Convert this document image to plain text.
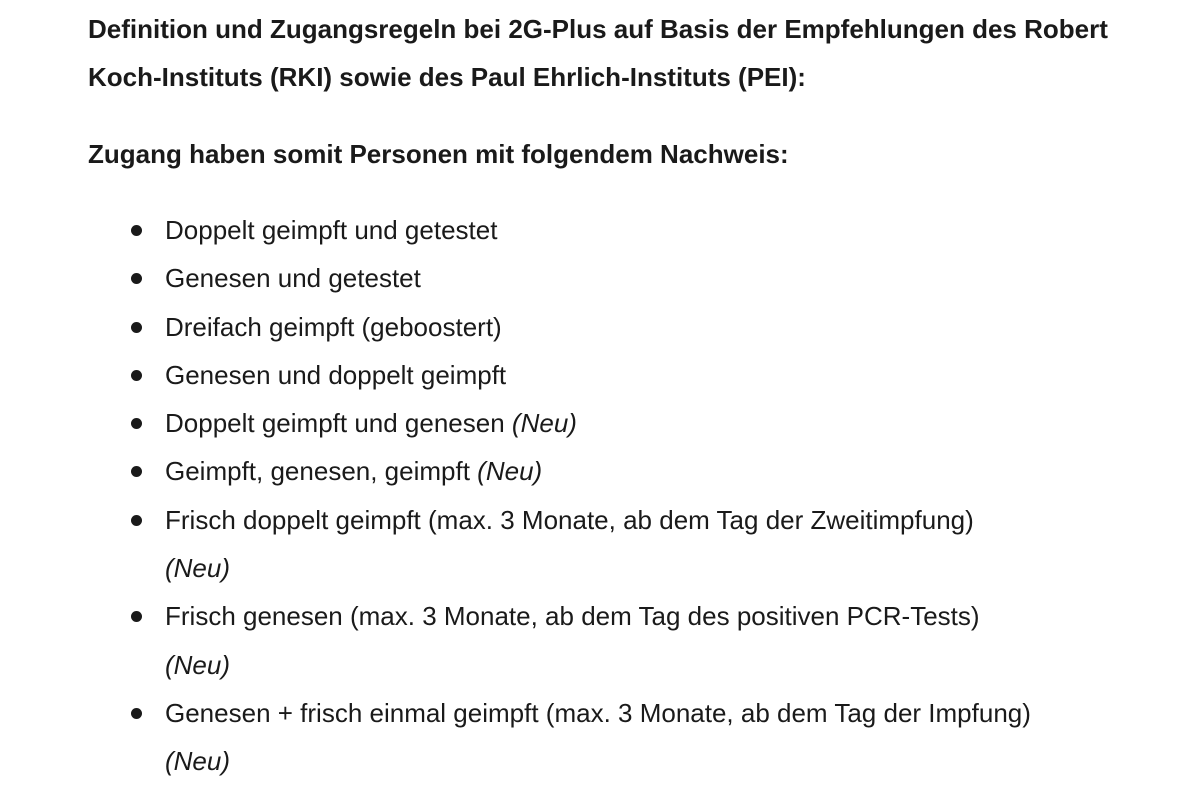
Definition und Zugangsregeln bei 2G-Plus auf Basis der Empfehlungen des Robert Koch-Instituts (RKI) sowie des Paul Ehrlich-Instituts (PEI):
Zugang haben somit Personen mit folgendem Nachweis:
Doppelt geimpft und getestet
Genesen und getestet
Dreifach geimpft (geboostert)
Genesen und doppelt geimpft
Doppelt geimpft und genesen (Neu)
Geimpft, genesen, geimpft (Neu)
Frisch doppelt geimpft (max. 3 Monate, ab dem Tag der Zweitimpfung) (Neu)
Frisch genesen (max. 3 Monate, ab dem Tag des positiven PCR-Tests) (Neu)
Genesen + frisch einmal geimpft (max. 3 Monate, ab dem Tag der Impfung) (Neu)
